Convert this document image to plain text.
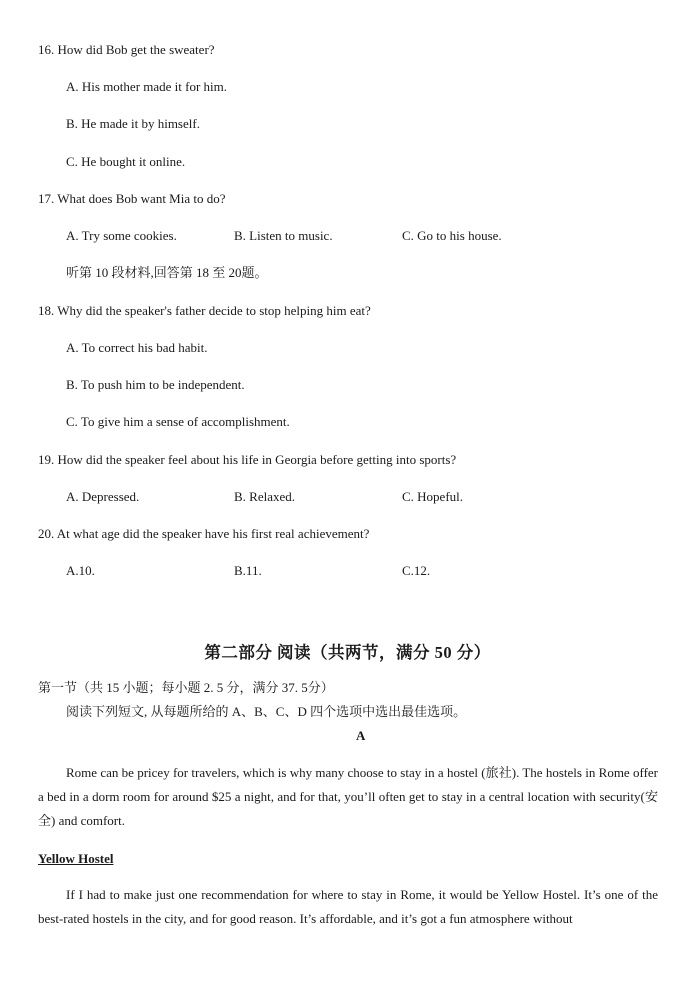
16. How did Bob get the sweater?
A. His mother made it for him.
B. He made it by himself.
C. He bought it online.
17. What does Bob want Mia to do?
A. Try some cookies.	B. Listen to music.	C. Go to his house.
听第 10 段材料,回答第 18 至 20题。
18. Why did the speaker's father decide to stop helping him eat?
A. To correct his bad habit.
B. To push him to be independent.
C. To give him a sense of accomplishment.
19. How did the speaker feel about his life in Georgia before getting into sports?
A. Depressed.	B. Relaxed.	C. Hopeful.
20. At what age did the speaker have his first real achievement?
A.10.	B.11.	C.12.
第二部分 阅读（共两节，满分 50 分）
第一节（共 15 小题；每小题 2. 5 分，满分 37. 5分）
阅读下列短文, 从每题所给的 A、B、C、D 四个选项中选出最佳选项。
A
Rome can be pricey for travelers, which is why many choose to stay in a hostel (旅社). The hostels in Rome offer a bed in a dorm room for around $25 a night, and for that, you’ll often get to stay in a central location with security(安全) and comfort.
Yellow Hostel
If I had to make just one recommendation for where to stay in Rome, it would be Yellow Hostel. It’s one of the best-rated hostels in the city, and for good reason. It’s affordable, and it’s got a fun atmosphere without
